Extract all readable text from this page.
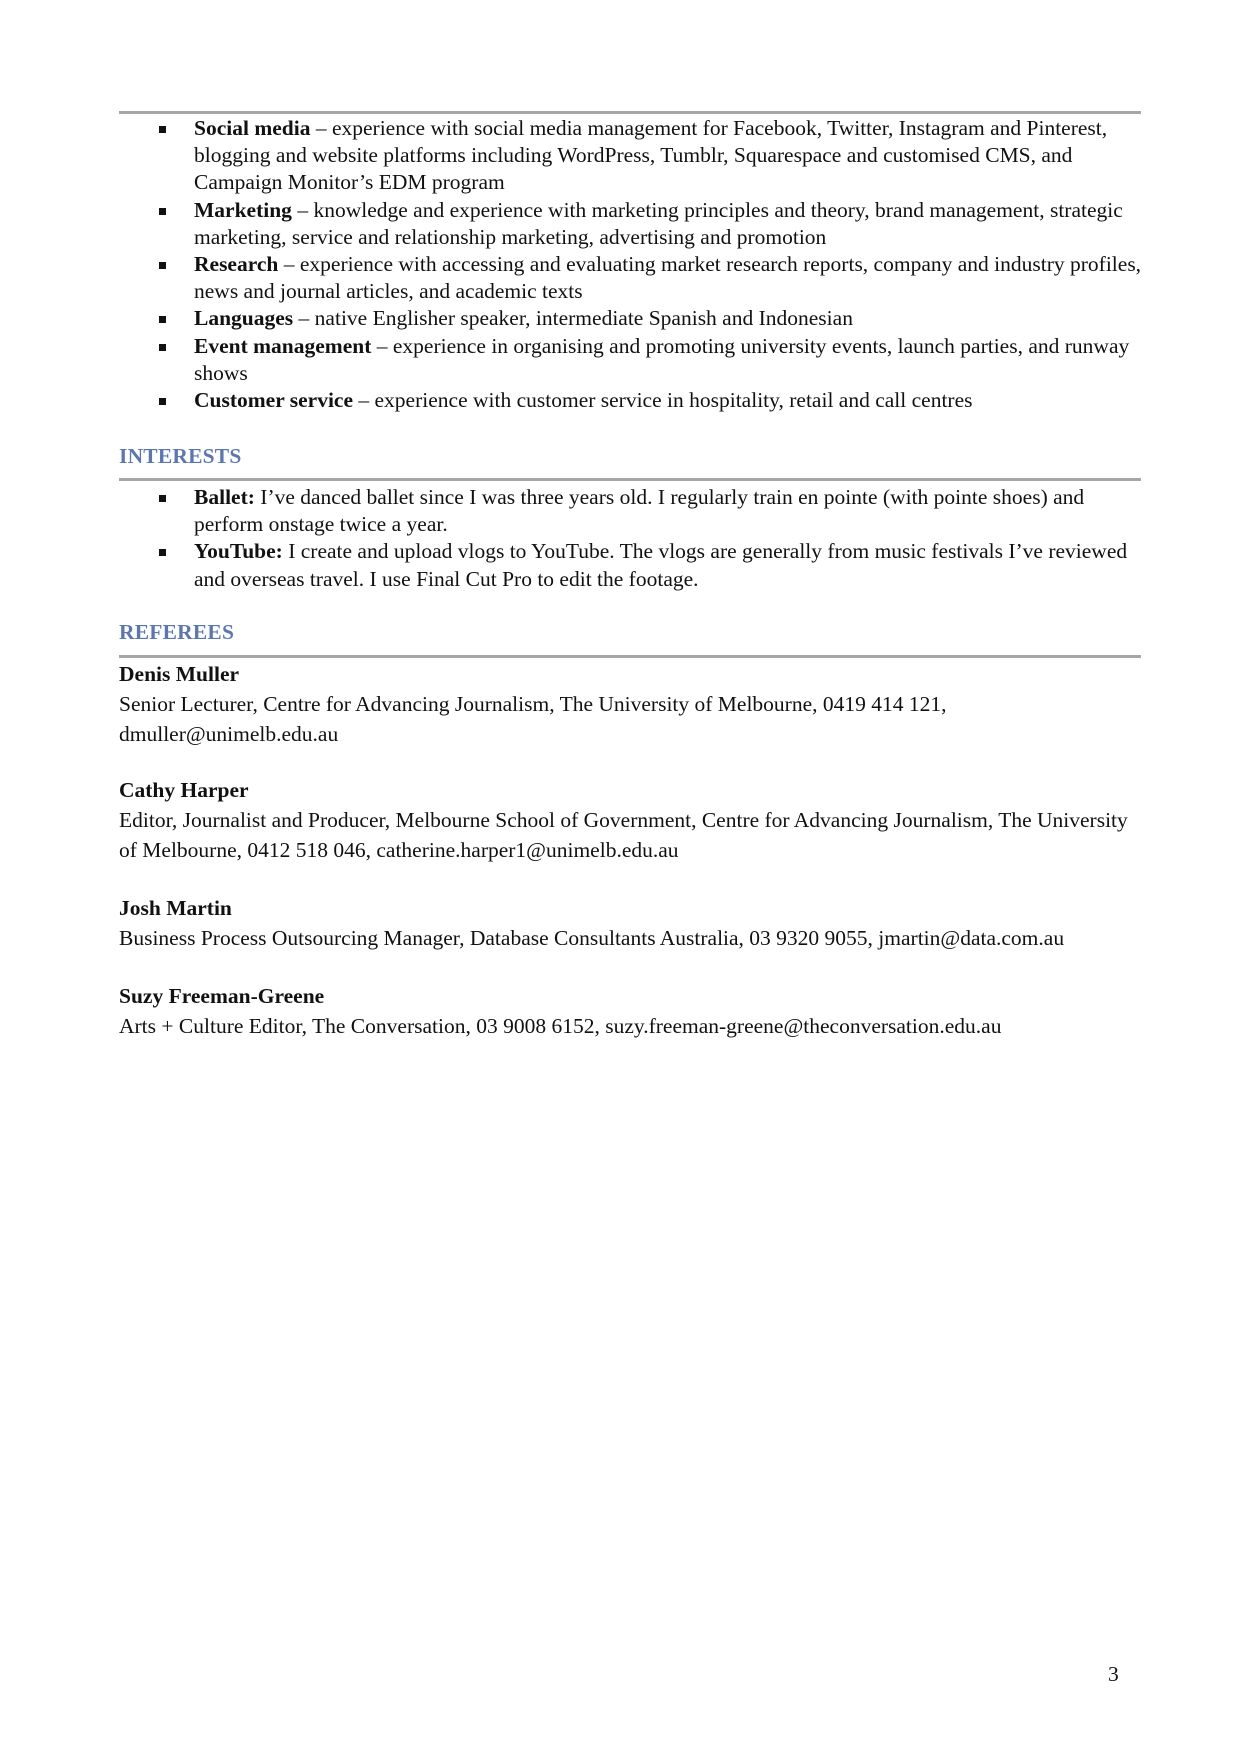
Social media – experience with social media management for Facebook, Twitter, Instagram and Pinterest, blogging and website platforms including WordPress, Tumblr, Squarespace and customised CMS, and Campaign Monitor’s EDM program
Marketing – knowledge and experience with marketing principles and theory, brand management, strategic marketing, service and relationship marketing, advertising and promotion
Research – experience with accessing and evaluating market research reports, company and industry profiles, news and journal articles, and academic texts
Languages – native Englisher speaker, intermediate Spanish and Indonesian
Event management – experience in organising and promoting university events, launch parties, and runway shows
Customer service – experience with customer service in hospitality, retail and call centres
INTERESTS
Ballet: I’ve danced ballet since I was three years old. I regularly train en pointe (with pointe shoes) and perform onstage twice a year.
YouTube: I create and upload vlogs to YouTube. The vlogs are generally from music festivals I’ve reviewed and overseas travel. I use Final Cut Pro to edit the footage.
REFEREES
Denis Muller
Senior Lecturer, Centre for Advancing Journalism, The University of Melbourne, 0419 414 121, dmuller@unimelb.edu.au
Cathy Harper
Editor, Journalist and Producer, Melbourne School of Government, Centre for Advancing Journalism, The University of Melbourne, 0412 518 046, catherine.harper1@unimelb.edu.au
Josh Martin
Business Process Outsourcing Manager, Database Consultants Australia, 03 9320 9055, jmartin@data.com.au
Suzy Freeman-Greene
Arts + Culture Editor, The Conversation, 03 9008 6152, suzy.freeman-greene@theconversation.edu.au
3
